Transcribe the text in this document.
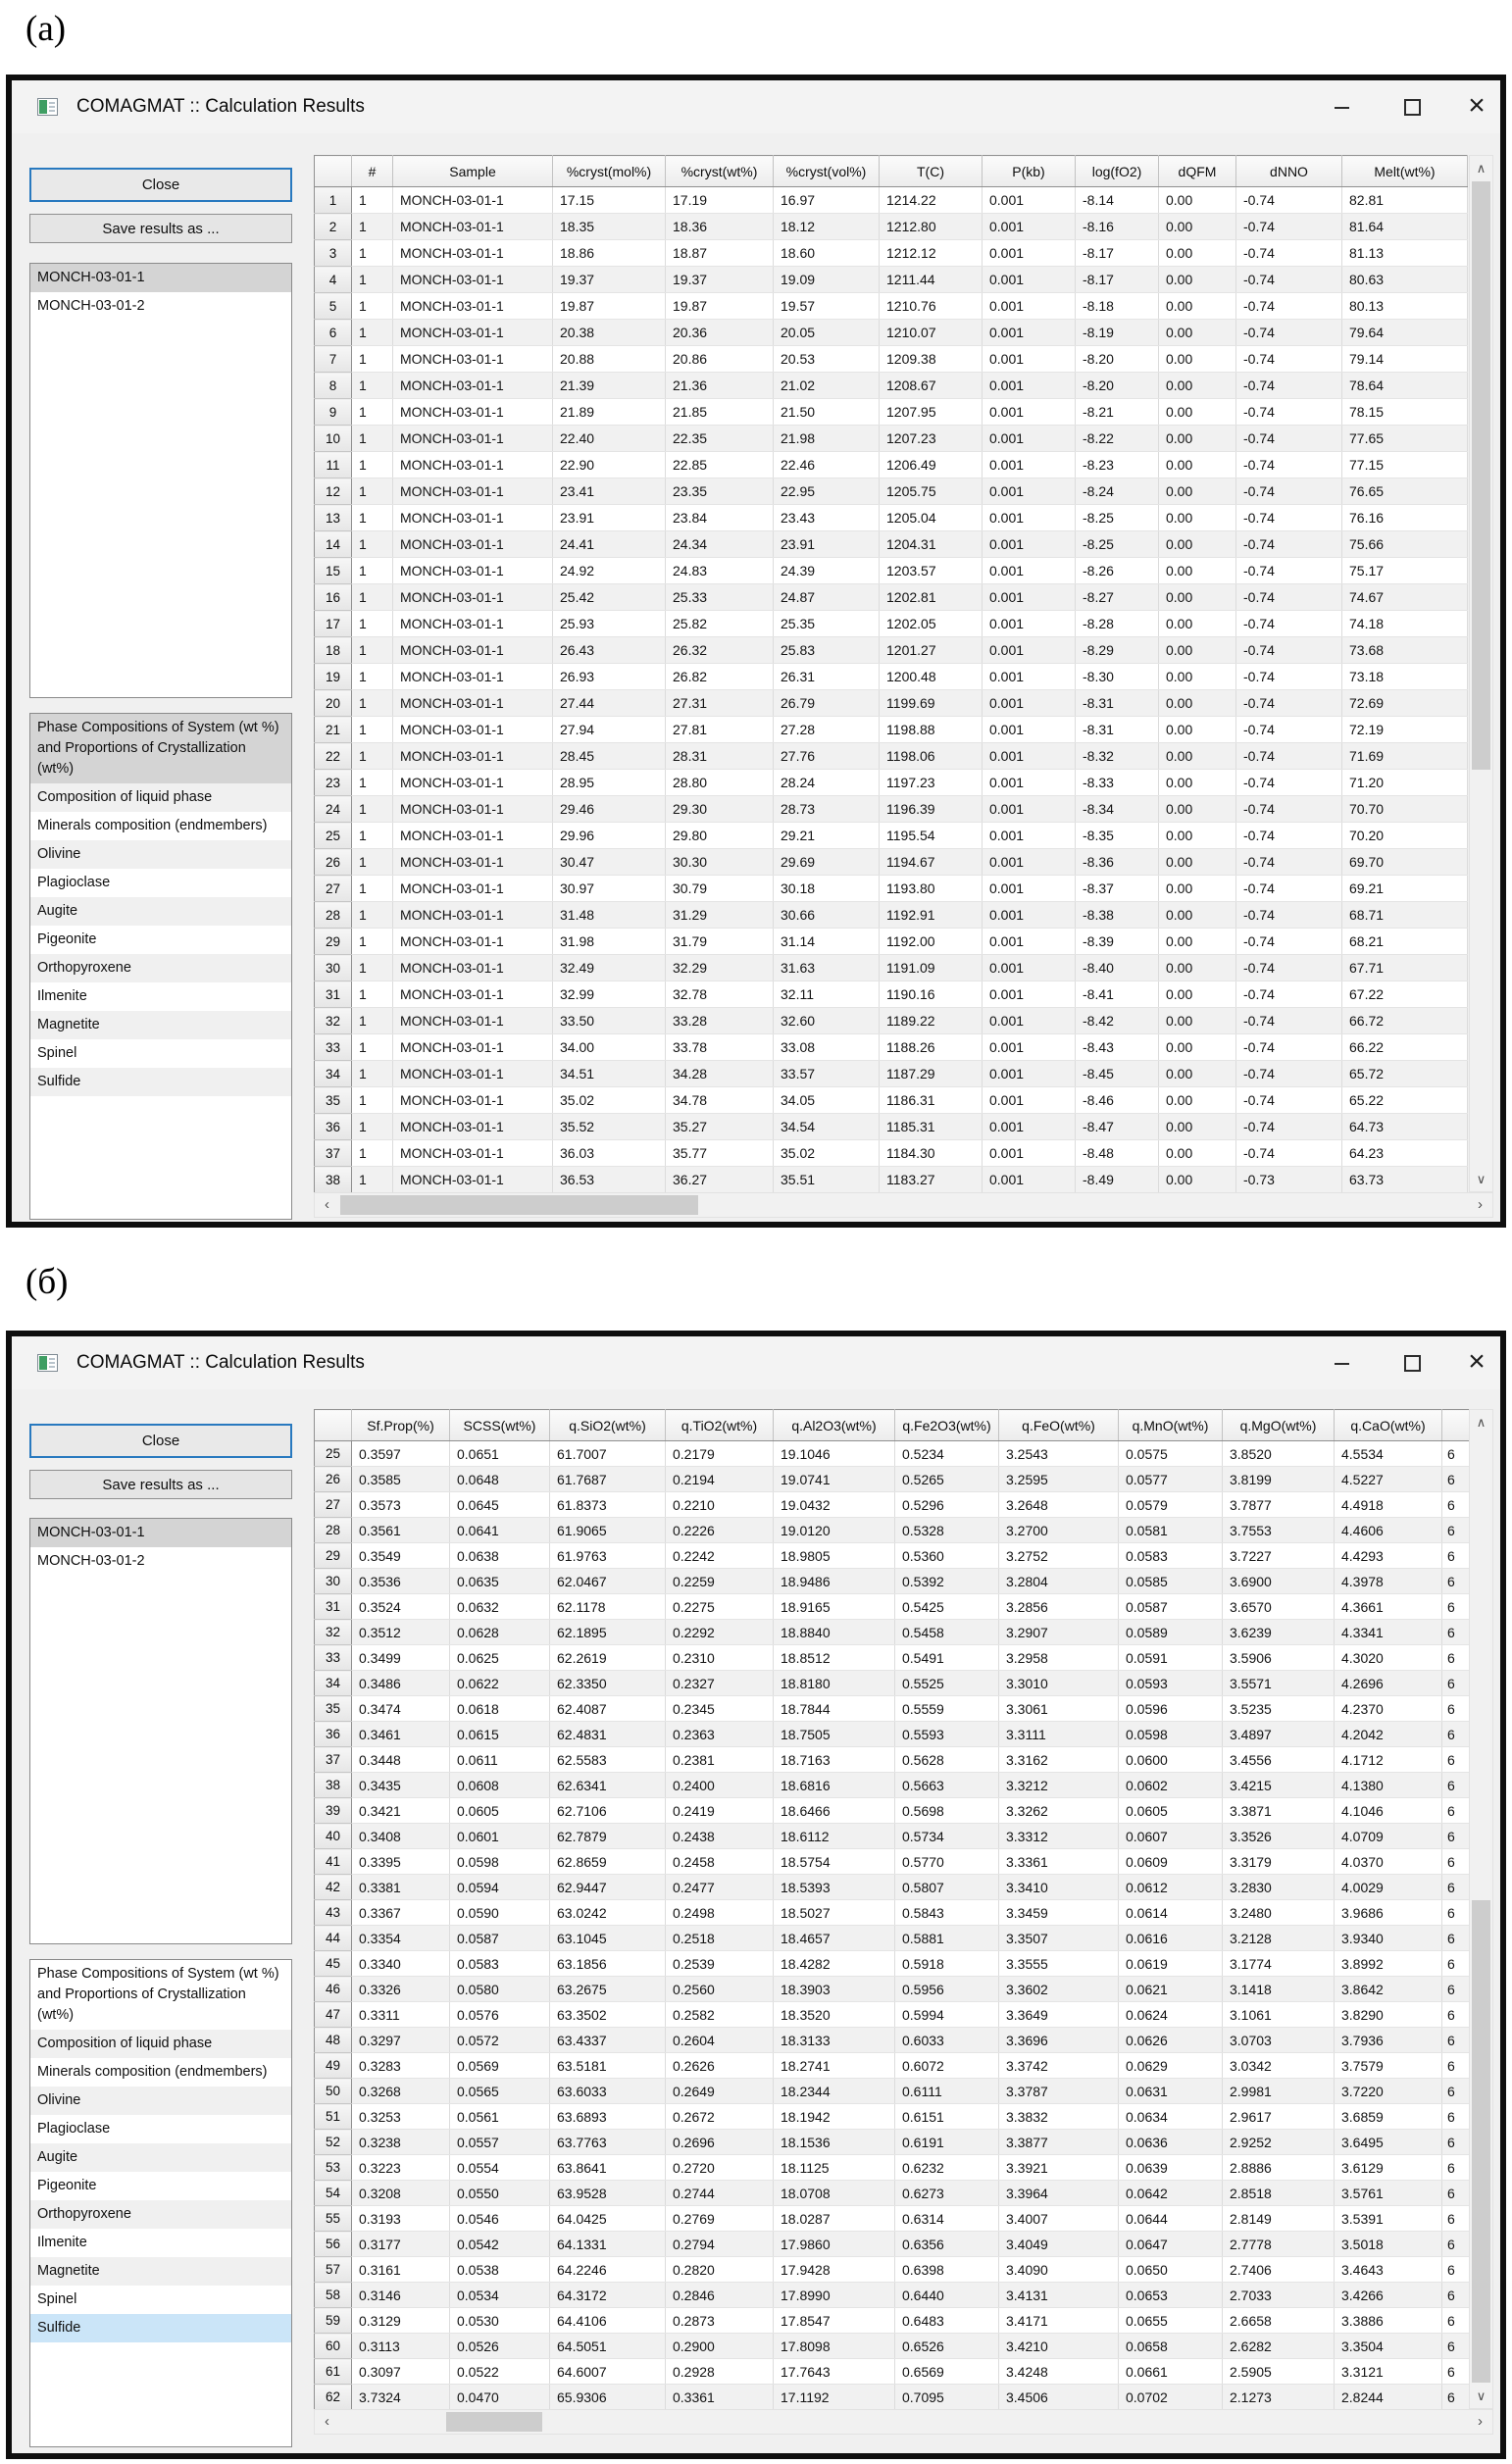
(a)
COMAGMAT :: Calculation Results
×
Close
Save results as ...
MONCH-03-01-1
MONCH-03-01-2
Phase Compositions of System (wt %) and Proportions of Crystallization (wt%)
Composition of liquid phase
Minerals composition (endmembers)
Olivine
Plagioclase
Augite
Pigeonite
Orthopyroxene
Ilmenite
Magnetite
Spinel
Sulfide
	#	Sample	%cryst(mol%)	%cryst(wt%)	%cryst(vol%)	T(C)	P(kb)	log(fO2)	dQFM	dNNO	Melt(wt%)
1	1	MONCH-03-01-1	17.15	17.19	16.97	1214.22	0.001	-8.14	0.00	-0.74	82.81
2	1	MONCH-03-01-1	18.35	18.36	18.12	1212.80	0.001	-8.16	0.00	-0.74	81.64
3	1	MONCH-03-01-1	18.86	18.87	18.60	1212.12	0.001	-8.17	0.00	-0.74	81.13
4	1	MONCH-03-01-1	19.37	19.37	19.09	1211.44	0.001	-8.17	0.00	-0.74	80.63
5	1	MONCH-03-01-1	19.87	19.87	19.57	1210.76	0.001	-8.18	0.00	-0.74	80.13
6	1	MONCH-03-01-1	20.38	20.36	20.05	1210.07	0.001	-8.19	0.00	-0.74	79.64
7	1	MONCH-03-01-1	20.88	20.86	20.53	1209.38	0.001	-8.20	0.00	-0.74	79.14
8	1	MONCH-03-01-1	21.39	21.36	21.02	1208.67	0.001	-8.20	0.00	-0.74	78.64
9	1	MONCH-03-01-1	21.89	21.85	21.50	1207.95	0.001	-8.21	0.00	-0.74	78.15
10	1	MONCH-03-01-1	22.40	22.35	21.98	1207.23	0.001	-8.22	0.00	-0.74	77.65
11	1	MONCH-03-01-1	22.90	22.85	22.46	1206.49	0.001	-8.23	0.00	-0.74	77.15
12	1	MONCH-03-01-1	23.41	23.35	22.95	1205.75	0.001	-8.24	0.00	-0.74	76.65
13	1	MONCH-03-01-1	23.91	23.84	23.43	1205.04	0.001	-8.25	0.00	-0.74	76.16
14	1	MONCH-03-01-1	24.41	24.34	23.91	1204.31	0.001	-8.25	0.00	-0.74	75.66
15	1	MONCH-03-01-1	24.92	24.83	24.39	1203.57	0.001	-8.26	0.00	-0.74	75.17
16	1	MONCH-03-01-1	25.42	25.33	24.87	1202.81	0.001	-8.27	0.00	-0.74	74.67
17	1	MONCH-03-01-1	25.93	25.82	25.35	1202.05	0.001	-8.28	0.00	-0.74	74.18
18	1	MONCH-03-01-1	26.43	26.32	25.83	1201.27	0.001	-8.29	0.00	-0.74	73.68
19	1	MONCH-03-01-1	26.93	26.82	26.31	1200.48	0.001	-8.30	0.00	-0.74	73.18
20	1	MONCH-03-01-1	27.44	27.31	26.79	1199.69	0.001	-8.31	0.00	-0.74	72.69
21	1	MONCH-03-01-1	27.94	27.81	27.28	1198.88	0.001	-8.31	0.00	-0.74	72.19
22	1	MONCH-03-01-1	28.45	28.31	27.76	1198.06	0.001	-8.32	0.00	-0.74	71.69
23	1	MONCH-03-01-1	28.95	28.80	28.24	1197.23	0.001	-8.33	0.00	-0.74	71.20
24	1	MONCH-03-01-1	29.46	29.30	28.73	1196.39	0.001	-8.34	0.00	-0.74	70.70
25	1	MONCH-03-01-1	29.96	29.80	29.21	1195.54	0.001	-8.35	0.00	-0.74	70.20
26	1	MONCH-03-01-1	30.47	30.30	29.69	1194.67	0.001	-8.36	0.00	-0.74	69.70
27	1	MONCH-03-01-1	30.97	30.79	30.18	1193.80	0.001	-8.37	0.00	-0.74	69.21
28	1	MONCH-03-01-1	31.48	31.29	30.66	1192.91	0.001	-8.38	0.00	-0.74	68.71
29	1	MONCH-03-01-1	31.98	31.79	31.14	1192.00	0.001	-8.39	0.00	-0.74	68.21
30	1	MONCH-03-01-1	32.49	32.29	31.63	1191.09	0.001	-8.40	0.00	-0.74	67.71
31	1	MONCH-03-01-1	32.99	32.78	32.11	1190.16	0.001	-8.41	0.00	-0.74	67.22
32	1	MONCH-03-01-1	33.50	33.28	32.60	1189.22	0.001	-8.42	0.00	-0.74	66.72
33	1	MONCH-03-01-1	34.00	33.78	33.08	1188.26	0.001	-8.43	0.00	-0.74	66.22
34	1	MONCH-03-01-1	34.51	34.28	33.57	1187.29	0.001	-8.45	0.00	-0.74	65.72
35	1	MONCH-03-01-1	35.02	34.78	34.05	1186.31	0.001	-8.46	0.00	-0.74	65.22
36	1	MONCH-03-01-1	35.52	35.27	34.54	1185.31	0.001	-8.47	0.00	-0.74	64.73
37	1	MONCH-03-01-1	36.03	35.77	35.02	1184.30	0.001	-8.48	0.00	-0.74	64.23
38	1	MONCH-03-01-1	36.53	36.27	35.51	1183.27	0.001	-8.49	0.00	-0.73	63.73
∧
∨
‹
›
(б)
COMAGMAT :: Calculation Results
×
Close
Save results as ...
MONCH-03-01-1
MONCH-03-01-2
Phase Compositions of System (wt %) and Proportions of Crystallization (wt%)
Composition of liquid phase
Minerals composition (endmembers)
Olivine
Plagioclase
Augite
Pigeonite
Orthopyroxene
Ilmenite
Magnetite
Spinel
Sulfide
	Sf.Prop(%)	SCSS(wt%)	q.SiO2(wt%)	q.TiO2(wt%)	q.Al2O3(wt%)	q.Fe2O3(wt%)	q.FeO(wt%)	q.MnO(wt%)	q.MgO(wt%)	q.CaO(wt%)	
25	0.3597	0.0651	61.7007	0.2179	19.1046	0.5234	3.2543	0.0575	3.8520	4.5534	6
26	0.3585	0.0648	61.7687	0.2194	19.0741	0.5265	3.2595	0.0577	3.8199	4.5227	6
27	0.3573	0.0645	61.8373	0.2210	19.0432	0.5296	3.2648	0.0579	3.7877	4.4918	6
28	0.3561	0.0641	61.9065	0.2226	19.0120	0.5328	3.2700	0.0581	3.7553	4.4606	6
29	0.3549	0.0638	61.9763	0.2242	18.9805	0.5360	3.2752	0.0583	3.7227	4.4293	6
30	0.3536	0.0635	62.0467	0.2259	18.9486	0.5392	3.2804	0.0585	3.6900	4.3978	6
31	0.3524	0.0632	62.1178	0.2275	18.9165	0.5425	3.2856	0.0587	3.6570	4.3661	6
32	0.3512	0.0628	62.1895	0.2292	18.8840	0.5458	3.2907	0.0589	3.6239	4.3341	6
33	0.3499	0.0625	62.2619	0.2310	18.8512	0.5491	3.2958	0.0591	3.5906	4.3020	6
34	0.3486	0.0622	62.3350	0.2327	18.8180	0.5525	3.3010	0.0593	3.5571	4.2696	6
35	0.3474	0.0618	62.4087	0.2345	18.7844	0.5559	3.3061	0.0596	3.5235	4.2370	6
36	0.3461	0.0615	62.4831	0.2363	18.7505	0.5593	3.3111	0.0598	3.4897	4.2042	6
37	0.3448	0.0611	62.5583	0.2381	18.7163	0.5628	3.3162	0.0600	3.4556	4.1712	6
38	0.3435	0.0608	62.6341	0.2400	18.6816	0.5663	3.3212	0.0602	3.4215	4.1380	6
39	0.3421	0.0605	62.7106	0.2419	18.6466	0.5698	3.3262	0.0605	3.3871	4.1046	6
40	0.3408	0.0601	62.7879	0.2438	18.6112	0.5734	3.3312	0.0607	3.3526	4.0709	6
41	0.3395	0.0598	62.8659	0.2458	18.5754	0.5770	3.3361	0.0609	3.3179	4.0370	6
42	0.3381	0.0594	62.9447	0.2477	18.5393	0.5807	3.3410	0.0612	3.2830	4.0029	6
43	0.3367	0.0590	63.0242	0.2498	18.5027	0.5843	3.3459	0.0614	3.2480	3.9686	6
44	0.3354	0.0587	63.1045	0.2518	18.4657	0.5881	3.3507	0.0616	3.2128	3.9340	6
45	0.3340	0.0583	63.1856	0.2539	18.4282	0.5918	3.3555	0.0619	3.1774	3.8992	6
46	0.3326	0.0580	63.2675	0.2560	18.3903	0.5956	3.3602	0.0621	3.1418	3.8642	6
47	0.3311	0.0576	63.3502	0.2582	18.3520	0.5994	3.3649	0.0624	3.1061	3.8290	6
48	0.3297	0.0572	63.4337	0.2604	18.3133	0.6033	3.3696	0.0626	3.0703	3.7936	6
49	0.3283	0.0569	63.5181	0.2626	18.2741	0.6072	3.3742	0.0629	3.0342	3.7579	6
50	0.3268	0.0565	63.6033	0.2649	18.2344	0.6111	3.3787	0.0631	2.9981	3.7220	6
51	0.3253	0.0561	63.6893	0.2672	18.1942	0.6151	3.3832	0.0634	2.9617	3.6859	6
52	0.3238	0.0557	63.7763	0.2696	18.1536	0.6191	3.3877	0.0636	2.9252	3.6495	6
53	0.3223	0.0554	63.8641	0.2720	18.1125	0.6232	3.3921	0.0639	2.8886	3.6129	6
54	0.3208	0.0550	63.9528	0.2744	18.0708	0.6273	3.3964	0.0642	2.8518	3.5761	6
55	0.3193	0.0546	64.0425	0.2769	18.0287	0.6314	3.4007	0.0644	2.8149	3.5391	6
56	0.3177	0.0542	64.1331	0.2794	17.9860	0.6356	3.4049	0.0647	2.7778	3.5018	6
57	0.3161	0.0538	64.2246	0.2820	17.9428	0.6398	3.4090	0.0650	2.7406	3.4643	6
58	0.3146	0.0534	64.3172	0.2846	17.8990	0.6440	3.4131	0.0653	2.7033	3.4266	6
59	0.3129	0.0530	64.4106	0.2873	17.8547	0.6483	3.4171	0.0655	2.6658	3.3886	6
60	0.3113	0.0526	64.5051	0.2900	17.8098	0.6526	3.4210	0.0658	2.6282	3.3504	6
61	0.3097	0.0522	64.6007	0.2928	17.7643	0.6569	3.4248	0.0661	2.5905	3.3121	6
62	3.7324	0.0470	65.9306	0.3361	17.1192	0.7095	3.4506	0.0702	2.1273	2.8244	6
∧
∨
‹
›
